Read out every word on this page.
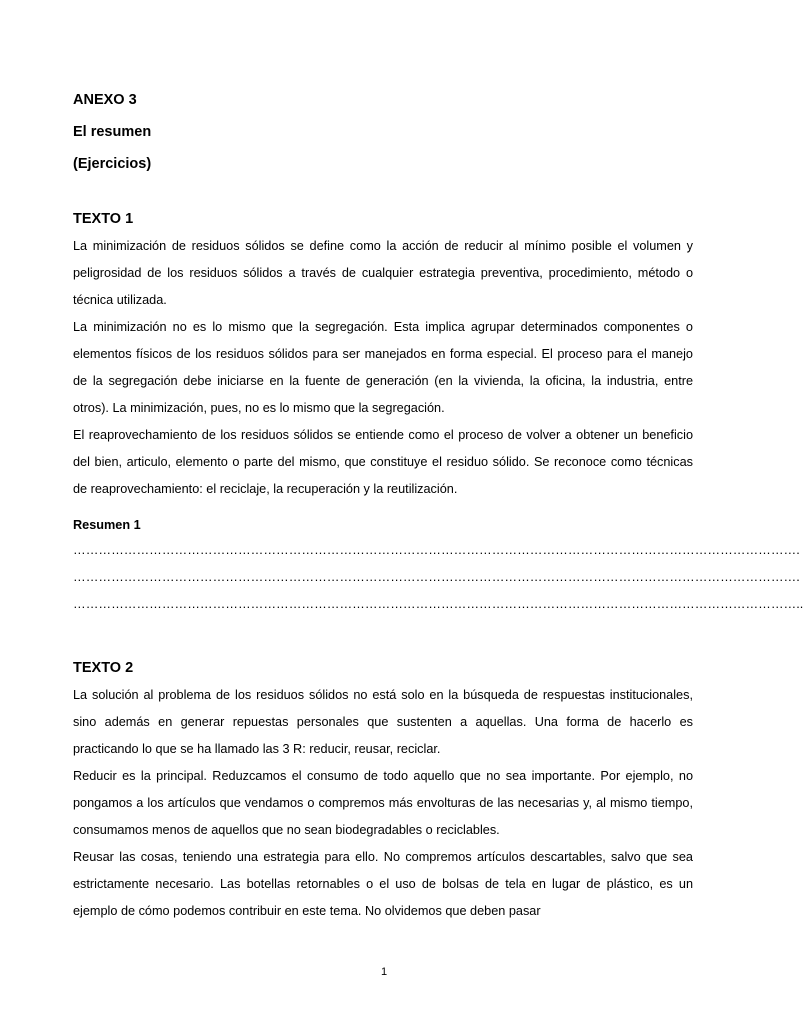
ANEXO 3

El resumen

(Ejercicios)

TEXTO 1

La minimización de residuos sólidos se define como la acción de reducir al mínimo posible el volumen y peligrosidad de los residuos sólidos a través de cualquier estrategia preventiva, procedimiento, método o técnica utilizada.

La minimización no es lo mismo que la segregación. Esta implica agrupar determinados componentes o elementos físicos de los residuos sólidos para ser manejados en forma especial. El proceso para el manejo de la segregación debe iniciarse en la fuente de generación (en la vivienda, la oficina, la industria, entre otros). La minimización, pues, no es lo mismo que la segregación.

El reaprovechamiento de los residuos sólidos se entiende como el proceso de volver a obtener un beneficio del bien, articulo, elemento o parte del mismo, que constituye el residuo sólido. Se reconoce como técnicas de reaprovechamiento: el reciclaje, la recuperación y la reutilización.

Resumen 1

……………………………………………………………………………………………………………………………………………………….
……………………………………………………………………………………………………………………………………………………….
………………………………………………………………………………………………………………………………………………………..

TEXTO 2

La solución al problema de los residuos sólidos no está solo en la búsqueda de respuestas institucionales, sino además en generar repuestas personales que sustenten a aquellas. Una forma de hacerlo es practicando lo que se ha llamado las 3 R: reducir, reusar, reciclar.

Reducir es la principal. Reduzcamos el consumo de todo aquello que no sea importante. Por ejemplo, no pongamos a los artículos que vendamos o compremos más envolturas de las necesarias y, al mismo tiempo, consumamos menos de aquellos que no sean biodegradables o reciclables.

Reusar las cosas, teniendo una estrategia para ello. No compremos artículos descartables, salvo que sea estrictamente necesario. Las botellas retornables o el uso de bolsas de tela en lugar de plástico, es un ejemplo de cómo podemos contribuir en este tema. No olvidemos que deben pasar

1
